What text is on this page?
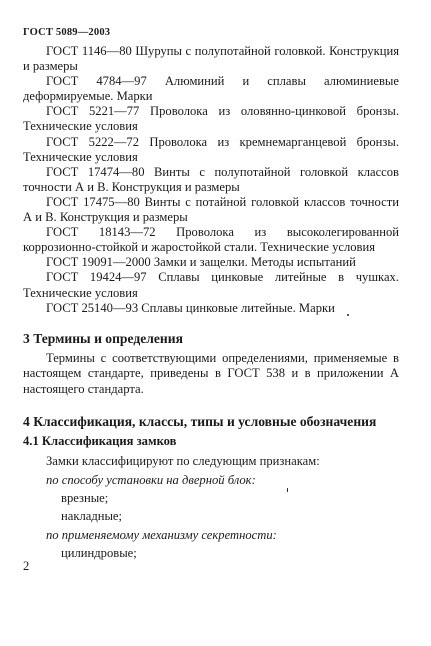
ГОСТ 5089—2003

ГОСТ 1146—80 Шурупы с полупотайной головкой. Конструкция и размеры

ГОСТ 4784—97 Алюминий и сплавы алюминиевые деформируемые. Марки

ГОСТ 5221—77 Проволока из оловянно-цинковой бронзы. Технические условия

ГОСТ 5222—72 Проволока из кремнемарганцевой бронзы. Технические условия

ГОСТ 17474—80 Винты с полупотайной головкой классов точности А и В. Конструкция и размеры

ГОСТ 17475—80 Винты с потайной головкой классов точности А и В. Конструкция и размеры

ГОСТ 18143—72 Проволока из высоколегированной коррозионно-стойкой и жаростойкой стали. Технические условия

ГОСТ 19091—2000 Замки и защелки. Методы испытаний

ГОСТ 19424—97 Сплавы цинковые литейные в чушках. Технические условия

ГОСТ 25140—93 Сплавы цинковые литейные. Марки

3 Термины и определения

Термины с соответствующими определениями, применяемые в настоящем стандарте, приведены в ГОСТ 538 и в приложении А настоящего стандарта.

4 Классификация, классы, типы и условные обозначения
4.1 Классификация замков

Замки классифицируют по следующим признакам:

по способу установки на дверной блок:

врезные;

накладные;

по применяемому механизму секретности:

цилиндровые;

2
